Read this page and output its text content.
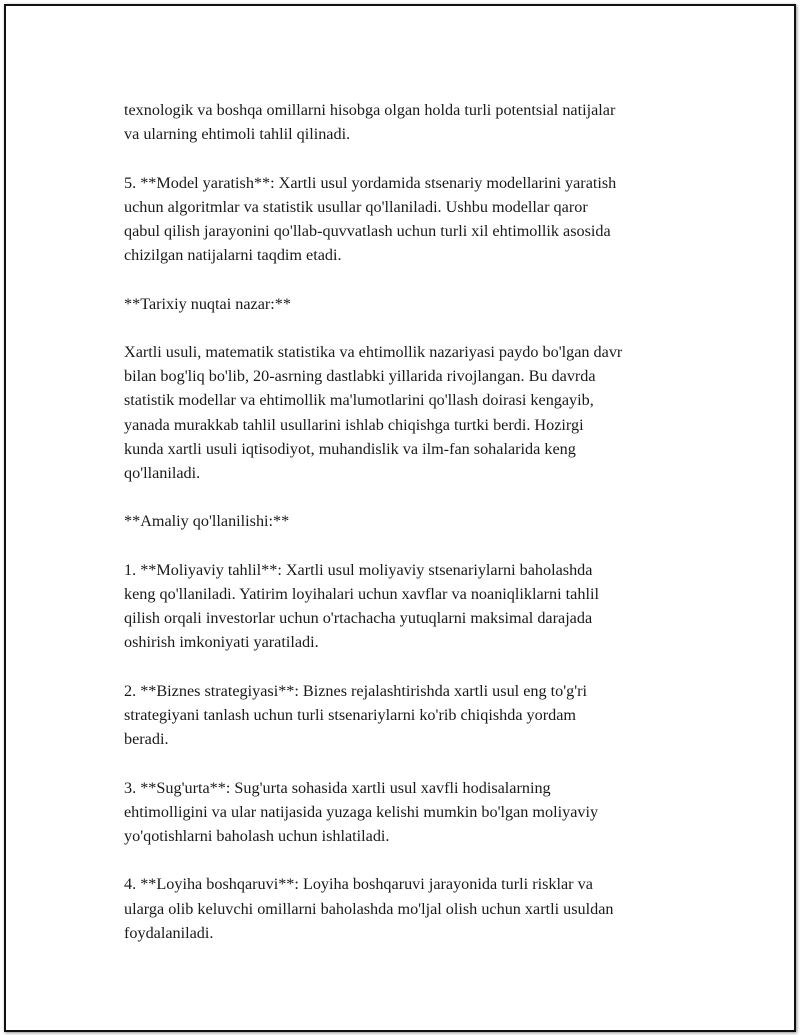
texnologik va boshqa omillarni hisobga olgan holda turli potentsial natijalar
va ularning ehtimoli tahlil qilinadi.

5. **Model yaratish**: Xartli usul yordamida stsenariy modellarini yaratish
uchun algoritmlar va statistik usullar qo'llaniladi. Ushbu modellar qaror
qabul qilish jarayonini qo'llab-quvvatlash uchun turli xil ehtimollik asosida
chizilgan natijalarni taqdim etadi.

**Tarixiy nuqtai nazar:**

Xartli usuli, matematik statistika va ehtimollik nazariyasi paydo bo'lgan davr
bilan bog'liq bo'lib, 20-asrning dastlabki yillarida rivojlangan. Bu davrda
statistik modellar va ehtimollik ma'lumotlarini qo'llash doirasi kengayib,
yanada murakkab tahlil usullarini ishlab chiqishga turtki berdi. Hozirgi
kunda xartli usuli iqtisodiyot, muhandislik va ilm-fan sohalarida keng
qo'llaniladi.

**Amaliy qo'llanilishi:**

1. **Moliyaviy tahlil**: Xartli usul moliyaviy stsenariylarni baholashda
keng qo'llaniladi. Yatirim loyihalari uchun xavflar va noaniqliklarni tahlil
qilish orqali investorlar uchun o'rtachacha yutuqlarni maksimal darajada
oshirish imkoniyati yaratiladi.

2. **Biznes strategiyasi**: Biznes rejalashtirishda xartli usul eng to'g'ri
strategiyani tanlash uchun turli stsenariylarni ko'rib chiqishda yordam
beradi.

3. **Sug'urta**: Sug'urta sohasida xartli usul xavfli hodisalarning
ehtimolligini va ular natijasida yuzaga kelishi mumkin bo'lgan moliyaviy
yo'qotishlarni baholash uchun ishlatiladi.

4. **Loyiha boshqaruvi**: Loyiha boshqaruvi jarayonida turli risklar va
ularga olib keluvchi omillarni baholashda mo'ljal olish uchun xartli usuldan
foydalaniladi.
